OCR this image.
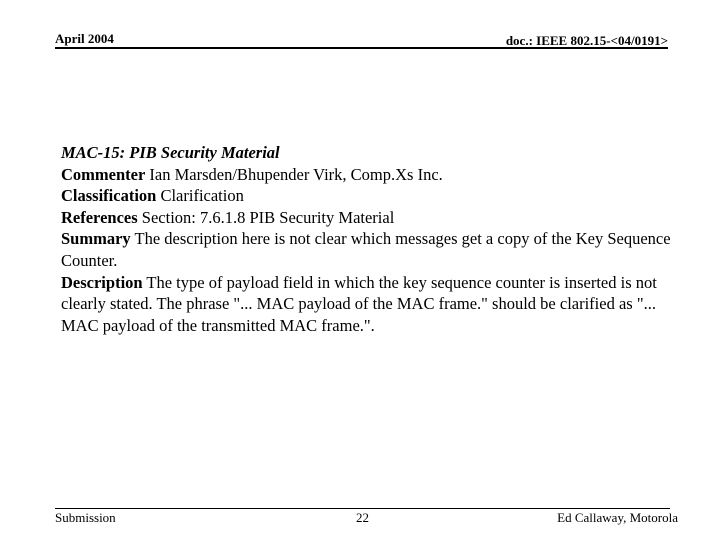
April 2004	doc.: IEEE 802.15-<04/0191>

MAC-15: PIB Security Material

Commenter Ian Marsden/Bhupender Virk, Comp.Xs Inc.

Classification Clarification

References Section: 7.6.1.8 PIB Security Material

Summary The description here is not clear which messages get a copy of the Key Sequence Counter.

Description The type of payload field in which the key sequence counter is inserted is not clearly stated. The phrase "... MAC payload of the MAC frame." should be clarified as "... MAC payload of the transmitted MAC frame.".

Submission	22	Ed Callaway, Motorola
